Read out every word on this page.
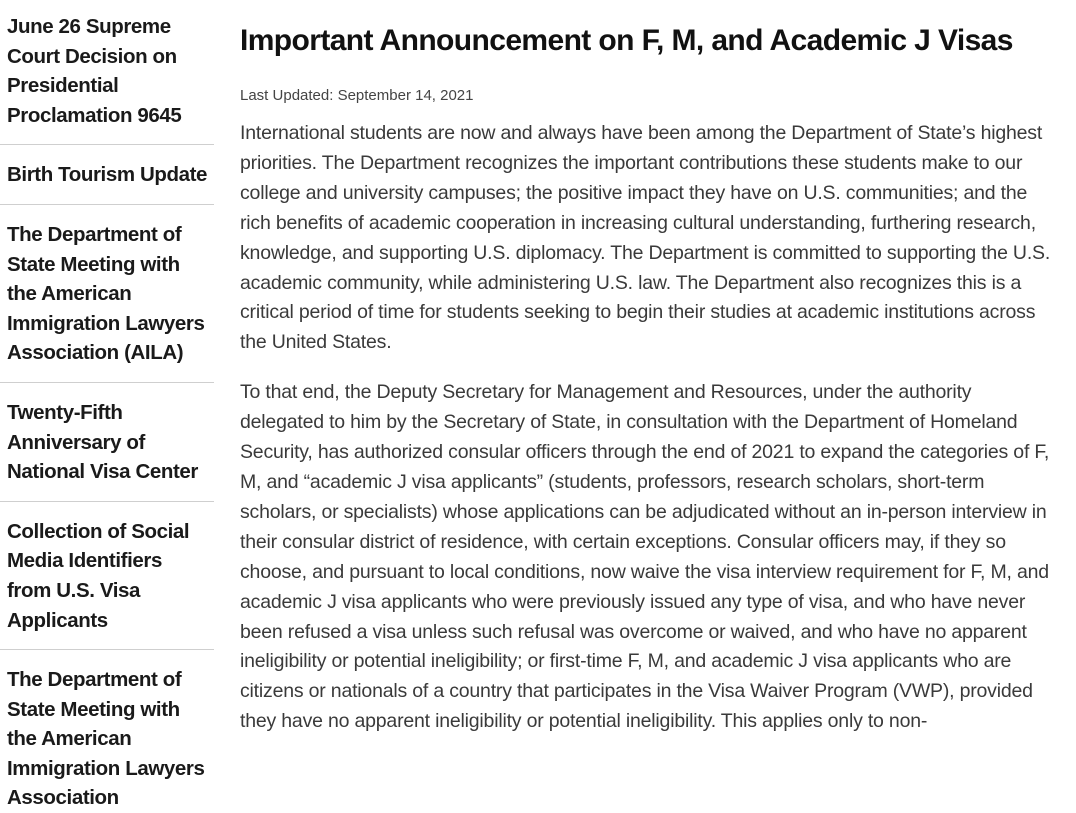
June 26 Supreme Court Decision on Presidential Proclamation 9645
Birth Tourism Update
The Department of State Meeting with the American Immigration Lawyers Association (AILA)
Twenty-Fifth Anniversary of National Visa Center
Collection of Social Media Identifiers from U.S. Visa Applicants
The Department of State Meeting with the American Immigration Lawyers Association
Important Announcement on F, M, and Academic J Visas

Last Updated: September 14, 2021

International students are now and always have been among the Department of State’s highest priorities. The Department recognizes the important contributions these students make to our college and university campuses; the positive impact they have on U.S. communities; and the rich benefits of academic cooperation in increasing cultural understanding, furthering research, knowledge, and supporting U.S. diplomacy. The Department is committed to supporting the U.S. academic community, while administering U.S. law. The Department also recognizes this is a critical period of time for students seeking to begin their studies at academic institutions across the United States.

To that end, the Deputy Secretary for Management and Resources, under the authority delegated to him by the Secretary of State, in consultation with the Department of Homeland Security, has authorized consular officers through the end of 2021 to expand the categories of F, M, and “academic J visa applicants” (students, professors, research scholars, short-term scholars, or specialists) whose applications can be adjudicated without an in-person interview in their consular district of residence, with certain exceptions. Consular officers may, if they so choose, and pursuant to local conditions, now waive the visa interview requirement for F, M, and academic J visa applicants who were previously issued any type of visa, and who have never been refused a visa unless such refusal was overcome or waived, and who have no apparent ineligibility or potential ineligibility; or first-time F, M, and academic J visa applicants who are citizens or nationals of a country that participates in the Visa Waiver Program (VWP), provided they have no apparent ineligibility or potential ineligibility. This applies only to non-
